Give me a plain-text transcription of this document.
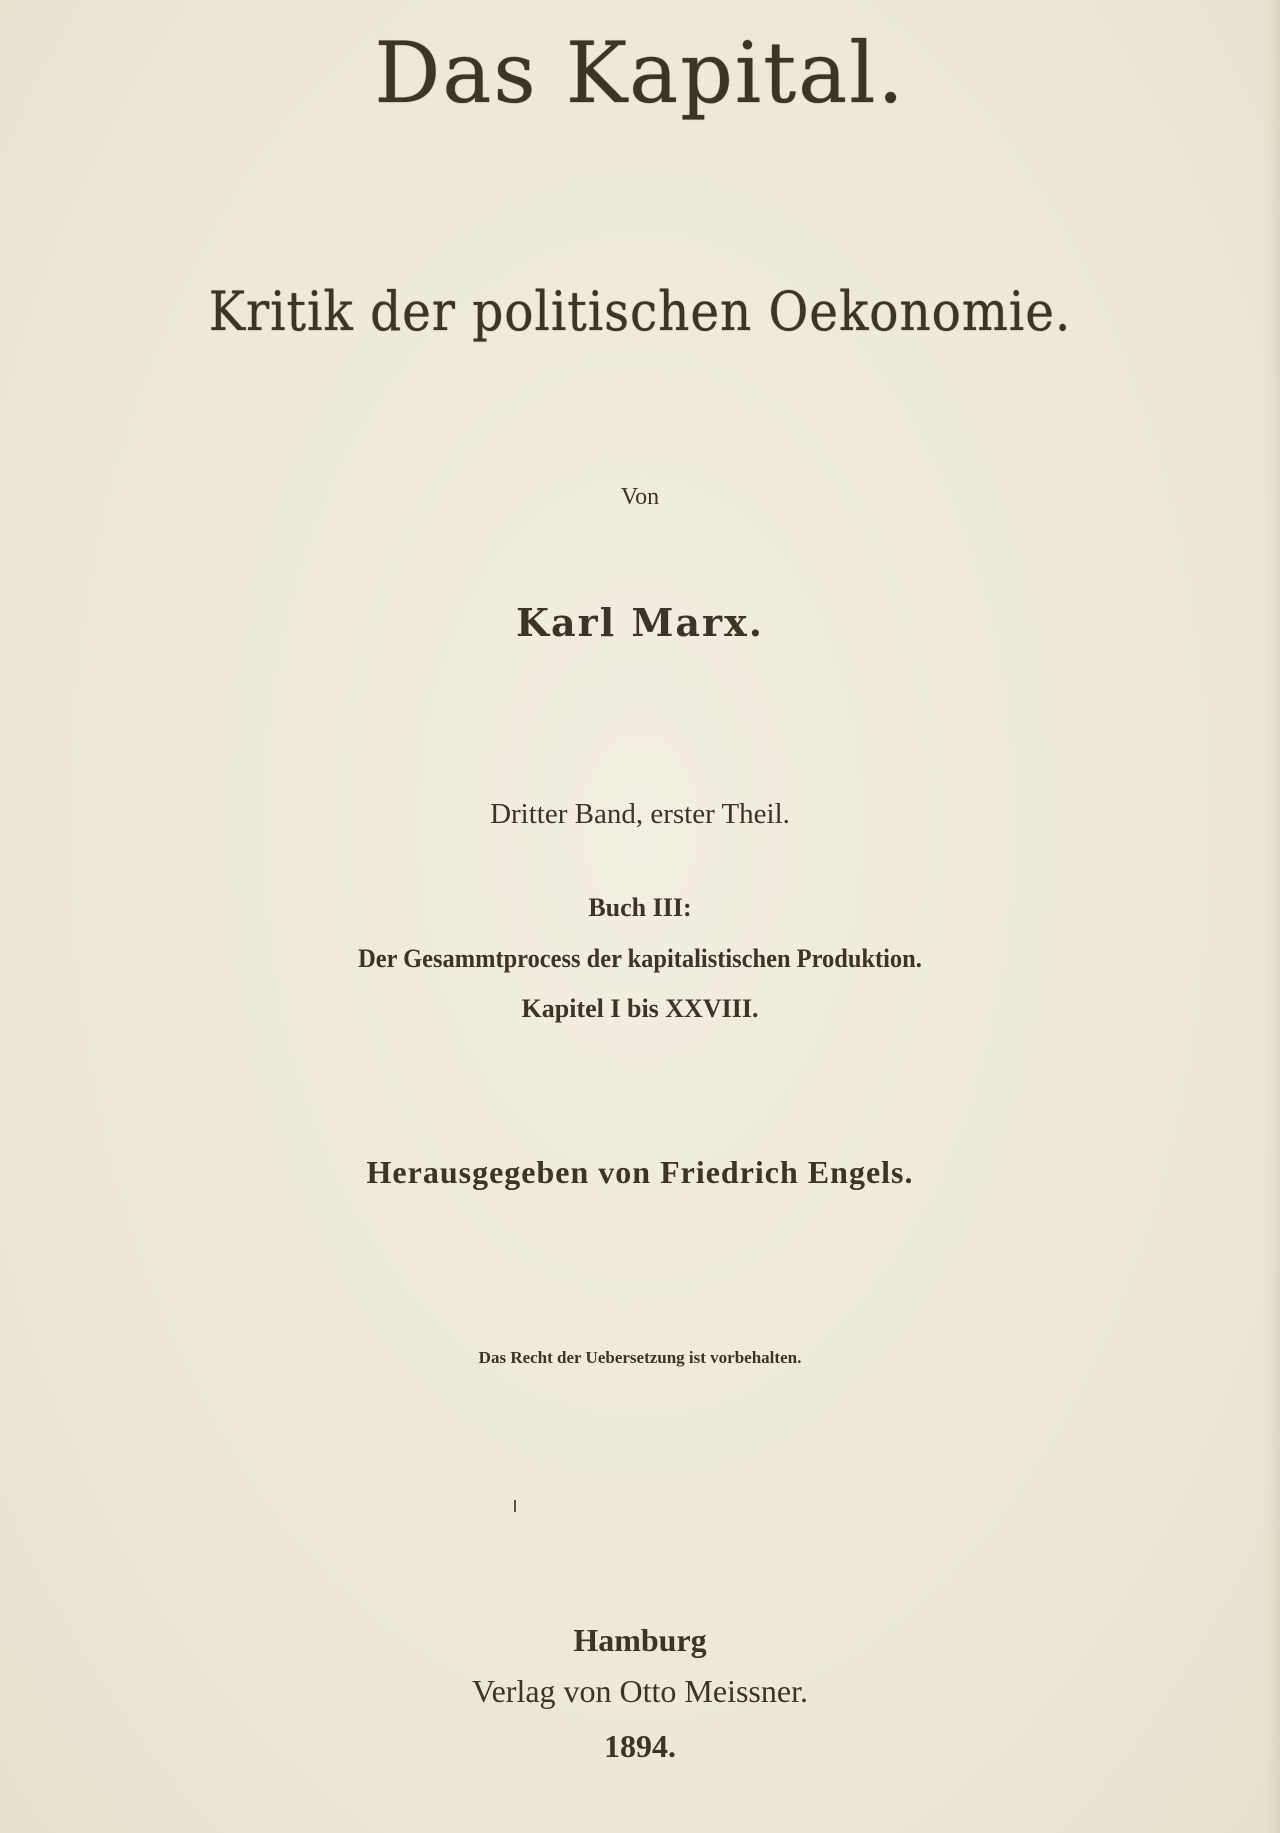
Das Kapital.
Kritik der politischen Oekonomie.
Von
Karl Marx.
Dritter Band, erster Theil.
Buch III:
Der Gesammtprocess der kapitalistischen Produktion.
Kapitel I bis XXVIII.
Herausgegeben von Friedrich Engels.
Das Recht der Uebersetzung ist vorbehalten.
Hamburg
Verlag von Otto Meissner.
1894.
